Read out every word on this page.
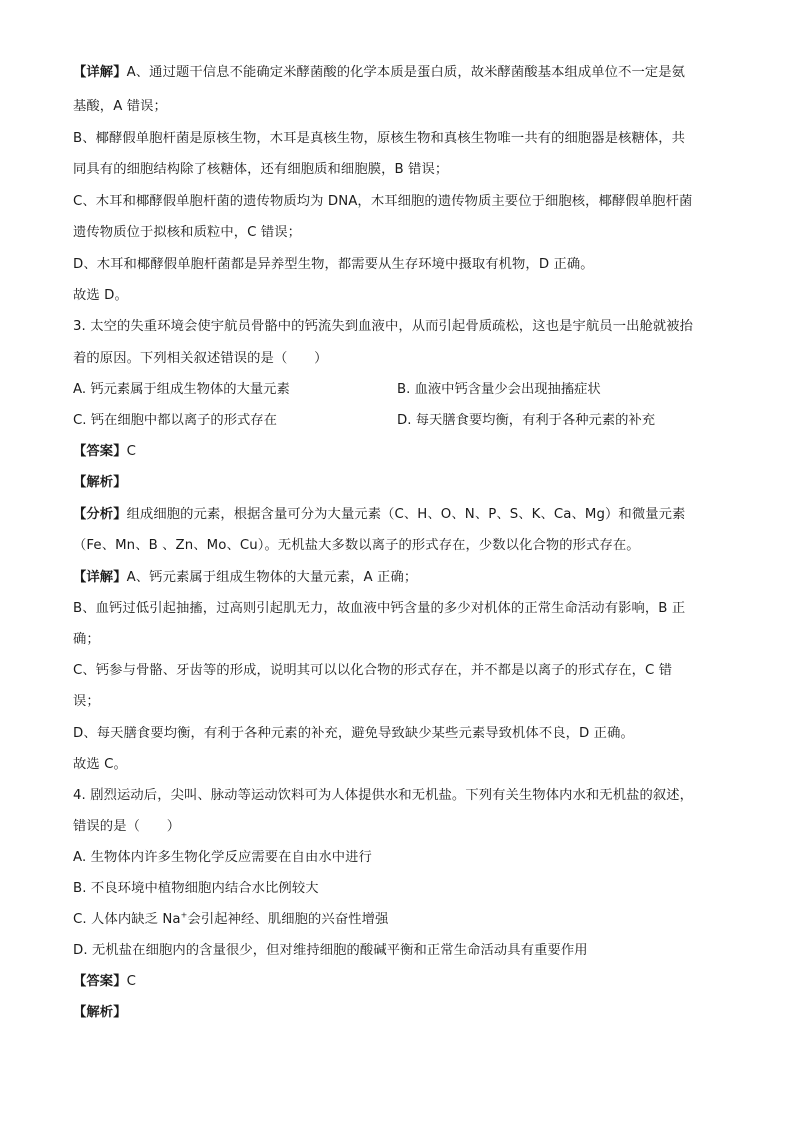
【详解】A、通过题干信息不能确定米酵菌酸的化学本质是蛋白质，故米酵菌酸基本组成单位不一定是氨
基酸，A 错误；
B、椰酵假单胞杆菌是原核生物，木耳是真核生物，原核生物和真核生物唯一共有的细胞器是核糖体，共
同具有的细胞结构除了核糖体，还有细胞质和细胞膜，B 错误；
C、木耳和椰酵假单胞杆菌的遗传物质均为 DNA，木耳细胞的遗传物质主要位于细胞核，椰酵假单胞杆菌
遗传物质位于拟核和质粒中，C 错误；
D、木耳和椰酵假单胞杆菌都是异养型生物，都需要从生存环境中摄取有机物，D 正确。
故选 D。
3. 太空的失重环境会使宇航员骨骼中的钙流失到血液中，从而引起骨质疏松，这也是宇航员一出舱就被抬
着的原因。下列相关叙述错误的是（　　）
A. 钙元素属于组成生物体的大量元素	B. 血液中钙含量少会出现抽搐症状
C. 钙在细胞中都以离子的形式存在	D. 每天膳食要均衡，有利于各种元素的补充
【答案】C
【解析】
【分析】组成细胞的元素，根据含量可分为大量元素（C、H、O、N、P、S、K、Ca、Mg）和微量元素
（Fe、Mn、B 、Zn、Mo、Cu）。无机盐大多数以离子的形式存在，少数以化合物的形式存在。
【详解】A、钙元素属于组成生物体的大量元素，A 正确；
B、血钙过低引起抽搐，过高则引起肌无力，故血液中钙含量的多少对机体的正常生命活动有影响，B 正
确；
C、钙参与骨骼、牙齿等的形成，说明其可以以化合物的形式存在，并不都是以离子的形式存在，C 错
误；
D、每天膳食要均衡，有利于各种元素的补充，避免导致缺少某些元素导致机体不良，D 正确。
故选 C。
4. 剧烈运动后，尖叫、脉动等运动饮料可为人体提供水和无机盐。下列有关生物体内水和无机盐的叙述，
错误的是（　　）
A. 生物体内许多生物化学反应需要在自由水中进行
B. 不良环境中植物细胞内结合水比例较大
C. 人体内缺乏 Na+会引起神经、肌细胞的兴奋性增强
D. 无机盐在细胞内的含量很少，但对维持细胞的酸碱平衡和正常生命活动具有重要作用
【答案】C
【解析】
